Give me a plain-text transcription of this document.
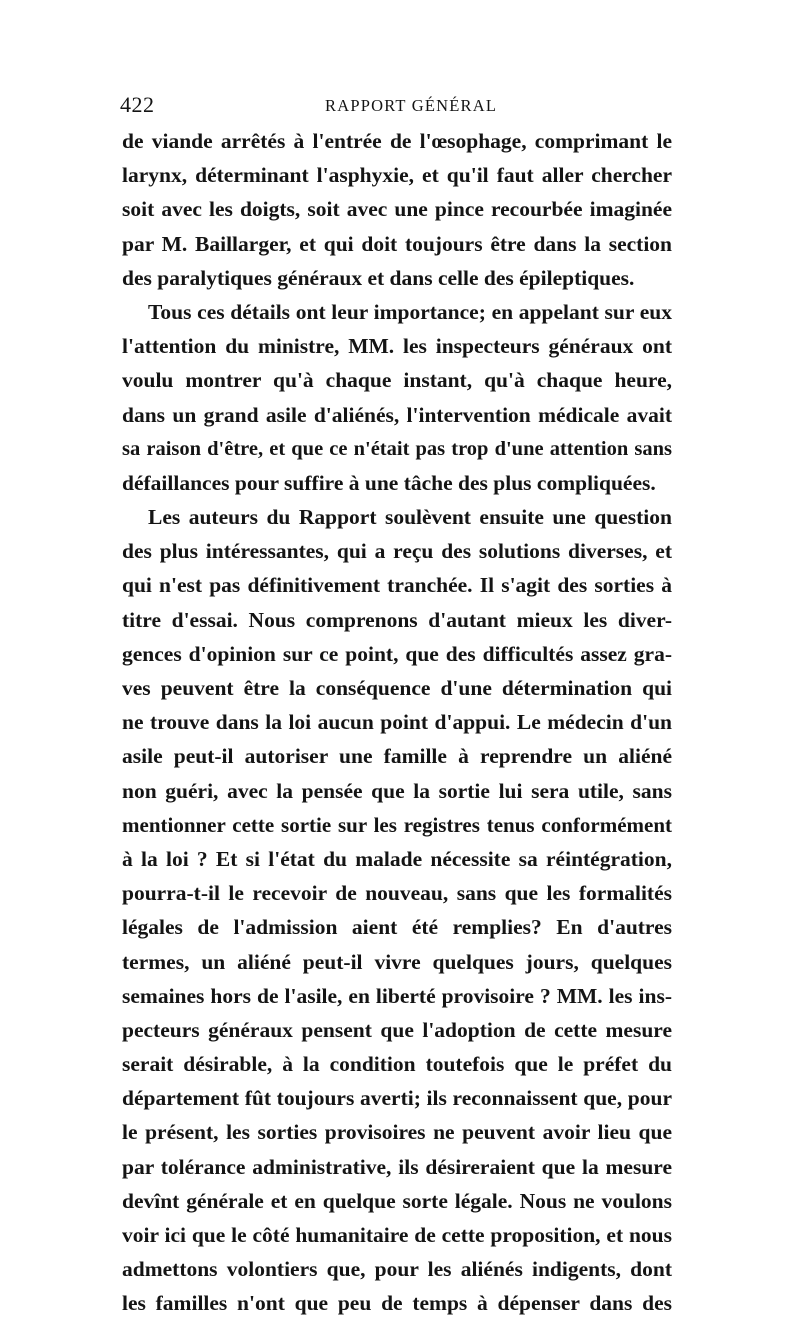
422	RAPPORT GÉNÉRAL
de viande arrêtés à l'entrée de l'œsophage, comprimant le
larynx, déterminant l'asphyxie, et qu'il faut aller chercher
soit avec les doigts, soit avec une pince recourbée imaginée
par M. Baillarger, et qui doit toujours être dans la section
des paralytiques généraux et dans celle des épileptiques.
Tous ces détails ont leur importance; en appelant sur eux
l'attention du ministre, MM. les inspecteurs généraux ont
voulu montrer qu'à chaque instant, qu'à chaque heure,
dans un grand asile d'aliénés, l'intervention médicale avait
sa raison d'être, et que ce n'était pas trop d'une attention sans
défaillances pour suffire à une tâche des plus compliquées.
Les auteurs du Rapport soulèvent ensuite une question
des plus intéressantes, qui a reçu des solutions diverses, et
qui n'est pas définitivement tranchée. Il s'agit des sorties à
titre d'essai. Nous comprenons d'autant mieux les diver-
gences d'opinion sur ce point, que des difficultés assez gra-
ves peuvent être la conséquence d'une détermination qui
ne trouve dans la loi aucun point d'appui. Le médecin d'un
asile peut-il autoriser une famille à reprendre un aliéné
non guéri, avec la pensée que la sortie lui sera utile, sans
mentionner cette sortie sur les registres tenus conformément
à la loi ? Et si l'état du malade nécessite sa réintégration,
pourra-t-il le recevoir de nouveau, sans que les formalités
légales de l'admission aient été remplies? En d'autres
termes, un aliéné peut-il vivre quelques jours, quelques
semaines hors de l'asile, en liberté provisoire ? MM. les ins-
pecteurs généraux pensent que l'adoption de cette mesure
serait désirable, à la condition toutefois que le préfet du
département fût toujours averti; ils reconnaissent que, pour
le présent, les sorties provisoires ne peuvent avoir lieu que
par tolérance administrative, ils désireraient que la mesure
devînt générale et en quelque sorte légale. Nous ne voulons
voir ici que le côté humanitaire de cette proposition, et nous
admettons volontiers que, pour les aliénés indigents, dont
les familles n'ont que peu de temps à dépenser dans des
